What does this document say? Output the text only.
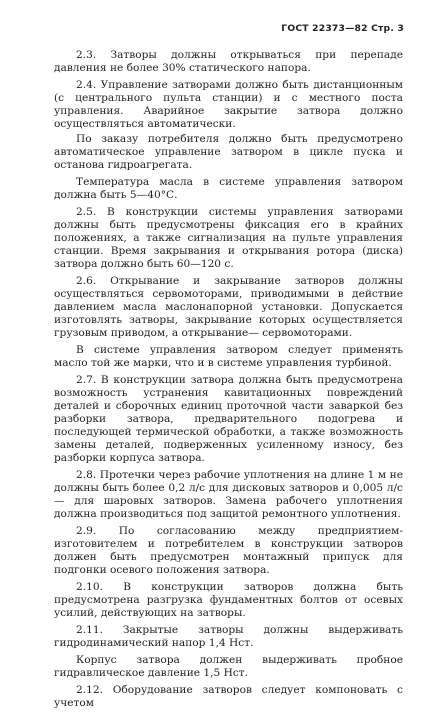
ГОСТ 22373—82 Стр. 3

2.3. Затворы должны открываться при перепаде давления не более 30% статического напора.

2.4. Управление затворами должно быть дистанционным (с центрального пульта станции) и с местного поста управления. Аварийное закрытие затвора должно осуществляться автоматически.

По заказу потребителя должно быть предусмотрено автоматическое управление затвором в цикле пуска и останова гидроагрегата.

Температура масла в системе управления затвором должна быть 5—40°С.

2.5. В конструкции системы управления затворами должны быть предусмотрены фиксация его в крайних положениях, а также сигнализация на пульте управления станции. Время закрывания и открывания ротора (диска) затвора должно быть 60—120 с.

2.6. Открывание и закрывание затворов должны осуществляться сервомоторами, приводимыми в действие давлением масла маслонапорной установки. Допускается изготовлять затворы, закрывание которых осуществляется грузовым приводом, а открывание— сервомоторами.

В системе управления затвором следует применять масло той же марки, что и в системе управления турбиной.

2.7. В конструкции затвора должна быть предусмотрена возможность устранения кавитационных повреждений деталей и сборочных единиц проточной части заваркой без разборки затвора, предварительного подогрева и последующей термической обработки, а также возможность замены деталей, подверженных усиленному износу, без разборки корпуса затвора.

2.8. Протечки через рабочие уплотнения на длине 1 м не должны быть более 0,2 л/с для дисковых затворов и 0,005 л/с — для шаровых затворов. Замена рабочего уплотнения должна производиться под защитой ремонтного уплотнения.

2.9. По согласованию между предприятием-изготовителем и потребителем в конструкции затворов должен быть предусмотрен монтажный припуск для подгонки осевого положения затвора.

2.10. В конструкции затворов должна быть предусмотрена разгрузка фундаментных болтов от осевых усилий, действующих на затворы.

2.11. Закрытые затворы должны выдерживать гидродинамический напор 1,4 Hст.

Корпус затвора должен выдерживать пробное гидравлическое давление 1,5 Hст.

2.12. Оборудование затворов следует компоновать с учетом
